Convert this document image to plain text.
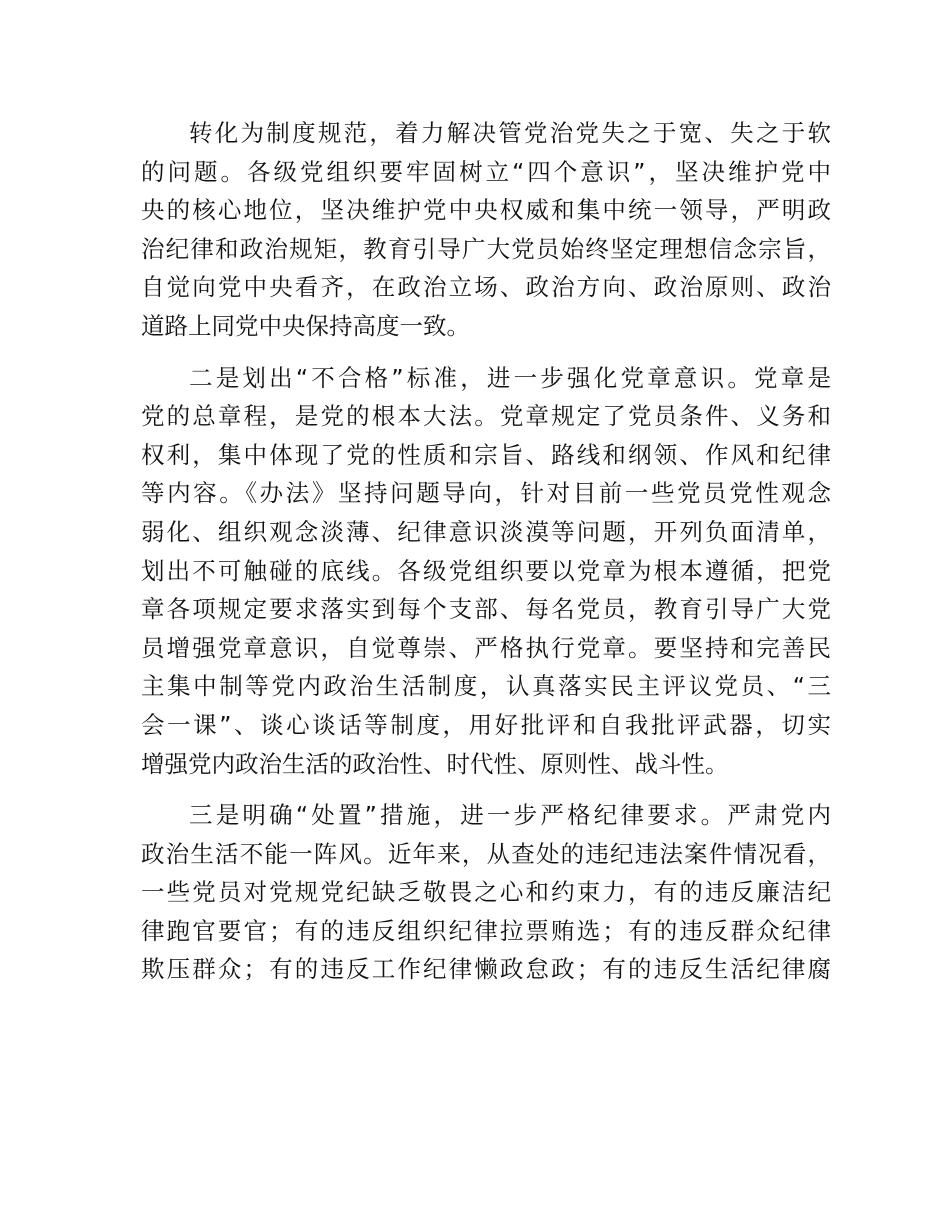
转化为制度规范，着力解决管党治党失之于宽、失之于软
的问题。各级党组织要牢固树立“四个意识”，坚决维护党中
央的核心地位，坚决维护党中央权威和集中统一领导，严明政
治纪律和政治规矩，教育引导广大党员始终坚定理想信念宗旨，
自觉向党中央看齐，在政治立场、政治方向、政治原则、政治
道路上同党中央保持高度一致。
二是划出“不合格”标准，进一步强化党章意识。党章是
党的总章程，是党的根本大法。党章规定了党员条件、义务和
权利，集中体现了党的性质和宗旨、路线和纲领、作风和纪律
等内容。《办法》坚持问题导向，针对目前一些党员党性观念
弱化、组织观念淡薄、纪律意识淡漠等问题，开列负面清单，
划出不可触碰的底线。各级党组织要以党章为根本遵循，把党
章各项规定要求落实到每个支部、每名党员，教育引导广大党
员增强党章意识，自觉尊崇、严格执行党章。要坚持和完善民
主集中制等党内政治生活制度，认真落实民主评议党员、“三
会一课”、谈心谈话等制度，用好批评和自我批评武器，切实
增强党内政治生活的政治性、时代性、原则性、战斗性。
三是明确“处置”措施，进一步严格纪律要求。严肃党内
政治生活不能一阵风。近年来，从查处的违纪违法案件情况看，
一些党员对党规党纪缺乏敬畏之心和约束力，有的违反廉洁纪
律跑官要官；有的违反组织纪律拉票贿选；有的违反群众纪律
欺压群众；有的违反工作纪律懒政怠政；有的违反生活纪律腐
